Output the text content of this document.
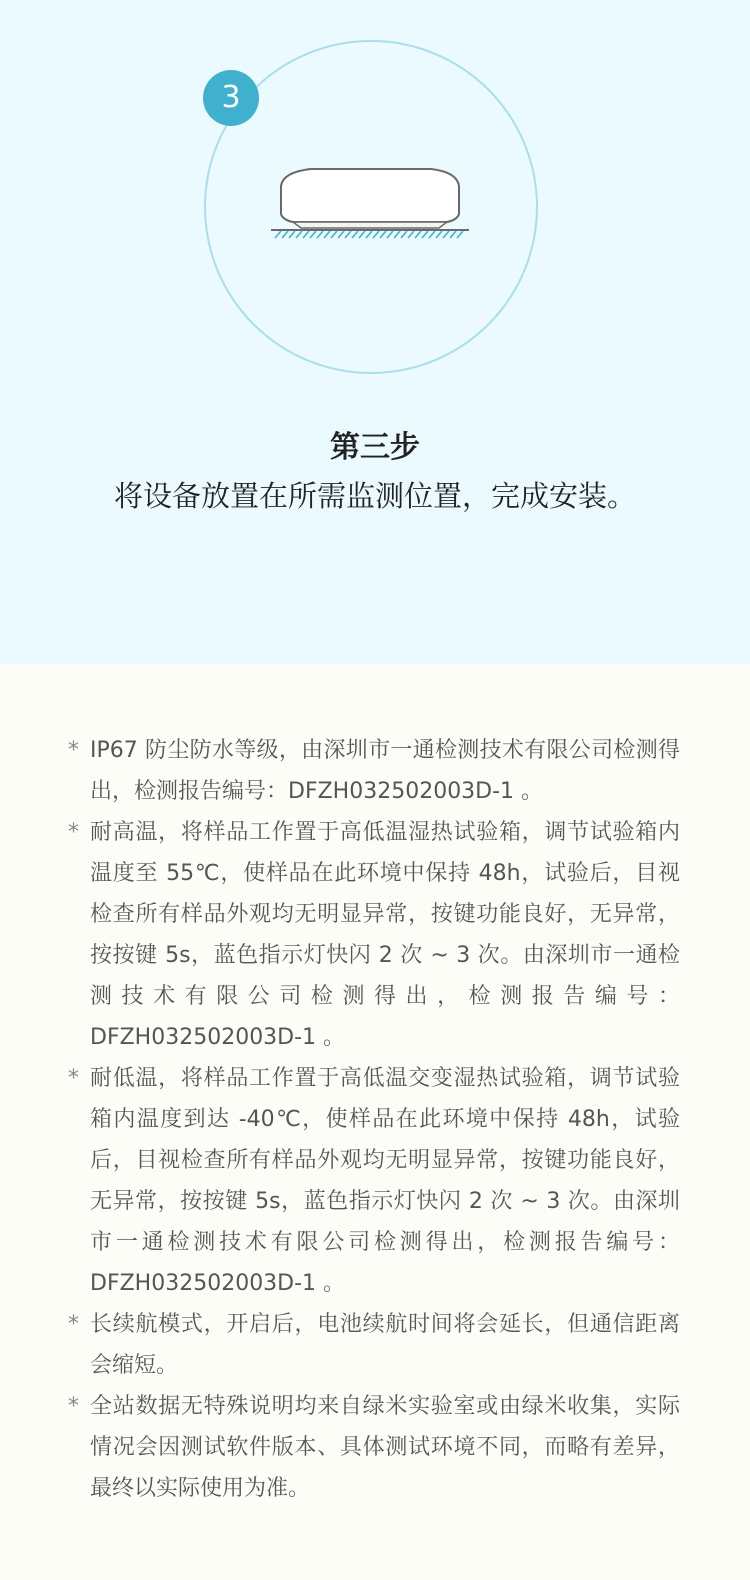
3
第三步

将设备放置在所需监测位置，完成安装。

* IP67 防尘防水等级，由深圳市一通检测技术有限公司检测得出，检测报告编号：DFZH032502003D-1 。
* 耐高温，将样品工作置于高低温湿热试验箱，调节试验箱内温度至 55℃，使样品在此环境中保持 48h，试验后，目视检查所有样品外观均无明显异常，按键功能良好，无异常，按按键 5s，蓝色指示灯快闪 2 次 ~ 3 次。由深圳市一通检测技术有限公司检测得出，检测报告编号：DFZH032502003D-1 。
* 耐低温，将样品工作置于高低温交变湿热试验箱，调节试验箱内温度到达 -40℃，使样品在此环境中保持 48h，试验后，目视检查所有样品外观均无明显异常，按键功能良好，无异常，按按键 5s，蓝色指示灯快闪 2 次 ~ 3 次。由深圳市一通检测技术有限公司检测得出，检测报告编号：DFZH032502003D-1 。
* 长续航模式，开启后，电池续航时间将会延长，但通信距离会缩短。
* 全站数据无特殊说明均来自绿米实验室或由绿米收集，实际情况会因测试软件版本、具体测试环境不同，而略有差异，最终以实际使用为准。
